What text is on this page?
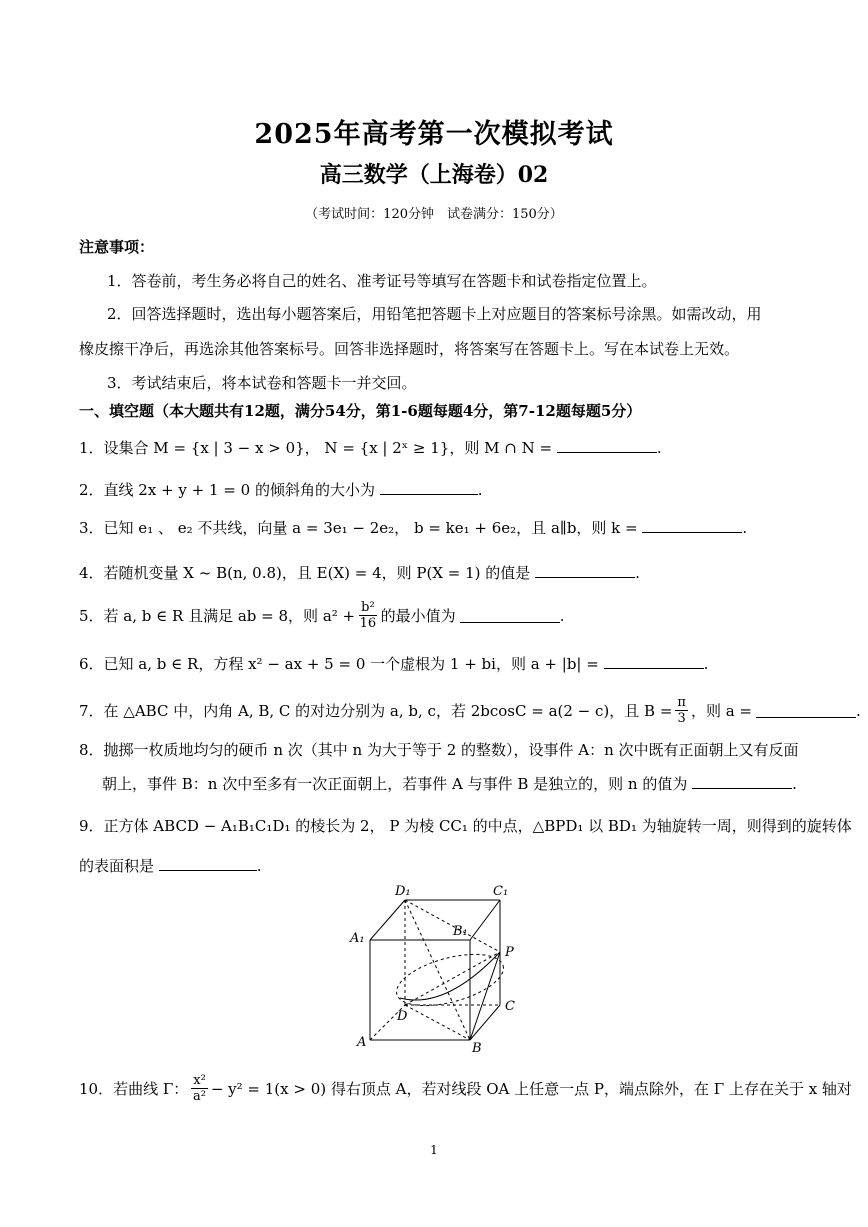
2025年高考第一次模拟考试
高三数学（上海卷）02
（考试时间：120分钟　试卷满分：150分）
注意事项：
1．答卷前，考生务必将自己的姓名、准考证号等填写在答题卡和试卷指定位置上。
2．回答选择题时，选出每小题答案后，用铅笔把答题卡上对应题目的答案标号涂黑。如需改动，用
橡皮擦干净后，再选涂其他答案标号。回答非选择题时，将答案写在答题卡上。写在本试卷上无效。
3．考试结束后，将本试卷和答题卡一并交回。
一、填空题（本大题共有12题，满分54分，第1-6题每题4分，第7-12题每题5分）
1．设集合 M = {x | 3 − x > 0}， N = {x | 2ˣ ≥ 1}，则 M ∩ N =	.
2．直线 2x + y + 1 = 0 的倾斜角的大小为	.
3．已知 e₁ 、 e₂ 不共线，向量 a = 3e₁ − 2e₂， b = ke₁ + 6e₂，且 a∥b，则 k =	.
4．若随机变量 X ~ B(n, 0.8)，且 E(X) = 4，则 P(X = 1) 的值是	.
5．若 a, b ∈ R 且满足 ab = 8，则 $a^2 + \frac{\text{b²}}{16}$ 的最小值为	.
6．已知 a, b ∈ R，方程 x² − ax + 5 = 0 一个虚根为 1 + bi，则 a + |b| =	.
7．在 △ABC 中，内角 A, B, C 的对边分别为 a, b, c，若 2bcosC = a(2 − c)，且 $B = \frac{\pi}{3}$ ，则 a =	.
8．抛掷一枚质地均匀的硬币 n 次（其中 n 为大于等于 2 的整数），设事件 A：n 次中既有正面朝上又有反面
朝上，事件 B：n 次中至多有一次正面朝上，若事件 A 与事件 B 是独立的，则 n 的值为	.
9．正方体 ABCD − A₁B₁C₁D₁ 的棱长为 2， P 为棱 CC₁ 的中点，△BPD₁ 以 BD₁ 为轴旋转一周，则得到的旋转体
的表面积是	.
D₁	C₁
A₁	B₁
P
D
C
A	B
10．若曲线 Γ： x²
a² − y² = 1(x > 0) 得右顶点 A，若对线段 OA 上任意一点 P，端点除外，在 Γ 上存在关于 x 轴对
1
